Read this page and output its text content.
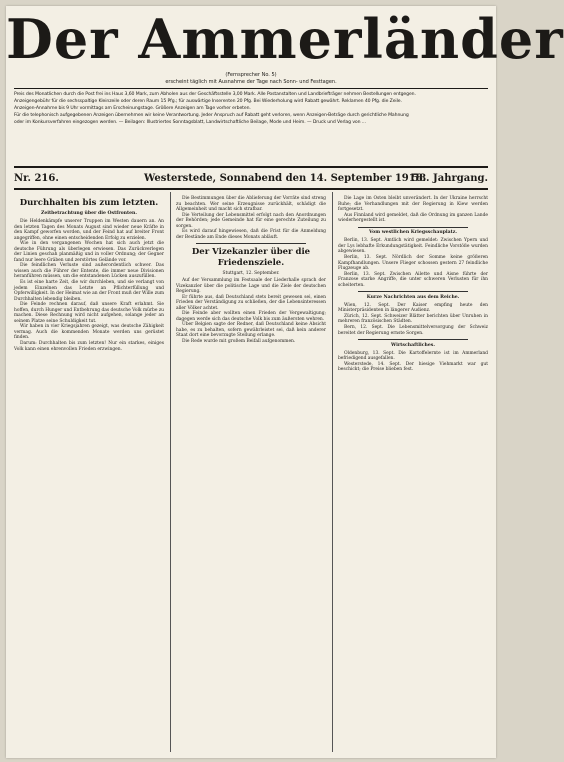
Der Ammerländer
(Fernsprecher No. 5)
erscheint täglich mit Ausnahme der Tage nach Sonn- und Festtagen.
Preis des Monatlichen durch die Post frei ins Haus 3,60 Mark, zum Abholen aus der Geschäftsstelle 3,00 Mark. Alle Postanstalten und Landbriefträger nehmen Bestellungen entgegen.
Anzeigengebühr für die sechsspaltige Kleinzeile oder deren Raum 15 Pfg.; für auswärtige Inserenten 20 Pfg. Bei Wiederholung wird Rabatt gewährt. Reklamen 40 Pfg. die Zeile.
Anzeigen-Annahme bis 9 Uhr vormittags am Erscheinungstage. Größere Anzeigen am Tage vorher erbeten.
Für die telephonisch aufgegebenen Anzeigen übernehmen wir keine Verantwortung. Jeder Anspruch auf Rabatt geht verloren, wenn Anzeigen-Beträge durch gerichtliche Mahnung
oder im Konkursverfahren eingezogen werden. — Beilagen: Illustriertes Sonntagsblatt, Landwirtschaftliche Beilage, Mode und Heim. — Druck und Verlag von ...
Nr. 216.	Westerstede, Sonnabend den 14. September 1918.
58. Jahrgang.
Durchhalten bis zum letzten.
Zeitbetrachtung über die Ostfronten.

Die Heldenkämpfe unserer Truppen im Westen dauern an. An den letzten Tagen des Monats August sind wieder neue Kräfte in den Kampf geworfen worden, und der Feind hat auf breiter Front angegriffen, ohne einen entscheidenden Erfolg zu erzielen.

Wie in den vergangenen Wochen hat sich auch jetzt die deutsche Führung als überlegen erwiesen. Das Zurückverlegen der Linien geschah planmäßig und in voller Ordnung; der Gegner fand nur leere Gräben und zerstörtes Gelände vor.

Die feindlichen Verluste sind außerordentlich schwer. Das wissen auch die Führer der Entente, die immer neue Divisionen heranführen müssen, um die entstandenen Lücken auszufüllen.

Es ist eine harte Zeit, die wir durchleben, und sie verlangt von jedem Einzelnen das Letzte an Pflichterfüllung und Opferwilligkeit. In der Heimat wie an der Front muß der Wille zum Durchhalten lebendig bleiben.

Die Feinde rechnen darauf, daß unsere Kraft erlahmt. Sie hoffen, durch Hunger und Entbehrung das deutsche Volk mürbe zu machen. Diese Rechnung wird nicht aufgehen, solange jeder an seinem Platze seine Schuldigkeit tut.

Wir haben in vier Kriegsjahren gezeigt, was deutsche Zähigkeit vermag. Auch die kommenden Monate werden uns gerüstet finden.

Darum: Durchhalten bis zum letzten! Nur ein starkes, einiges Volk kann einen ehrenvollen Frieden erzwingen.

Die Bestimmungen über die Ablieferung der Vorräte sind streng zu beachten. Wer seine Erzeugnisse zurückhält, schädigt die Allgemeinheit und macht sich strafbar.

Die Verteilung der Lebensmittel erfolgt nach den Anordnungen der Behörden; jede Gemeinde hat für eine gerechte Zuteilung zu sorgen.

Es wird darauf hingewiesen, daß die Frist für die Anmeldung der Bestände am Ende dieses Monats abläuft.

Der Vizekanzler über die Friedensziele.
Stuttgart, 12. September.

Auf der Versammlung im Festsaale der Liederhalle sprach der Vizekanzler über die politische Lage und die Ziele der deutschen Regierung.

Er führte aus, daß Deutschland stets bereit gewesen sei, einen Frieden der Verständigung zu schließen, der die Lebensinteressen aller Völker achtet.

Die Feinde aber wollten einen Frieden der Vergewaltigung; dagegen werde sich das deutsche Volk bis zum äußersten wehren.

Über Belgien sagte der Redner, daß Deutschland keine Absicht habe, es zu behalten, sofern gewährleistet sei, daß kein anderer Staat dort eine bevorzugte Stellung erlange.

Die Rede wurde mit großem Beifall aufgenommen.

Die Lage im Osten bleibt unverändert. In der Ukraine herrscht Ruhe; die Verhandlungen mit der Regierung in Kiew werden fortgesetzt.

Aus Finnland wird gemeldet, daß die Ordnung im ganzen Lande wiederhergestellt ist.

Vom westlichen Kriegsschauplatz.

Berlin, 13. Sept. Amtlich wird gemeldet: Zwischen Ypern und der Lys lebhafte Erkundungstätigkeit. Feindliche Vorstöße wurden abgewiesen.

Berlin, 13. Sept. Nördlich der Somme keine größeren Kampfhandlungen. Unsere Flieger schossen gestern 27 feindliche Flugzeuge ab.

Berlin, 13. Sept. Zwischen Ailette und Aisne führte der Franzose starke Angriffe, die unter schweren Verlusten für ihn scheiterten.

Kurze Nachrichten aus dem Reiche.

Wien, 12. Sept. Der Kaiser empfing heute den Ministerpräsidenten in längerer Audienz.

Zürich, 12. Sept. Schweizer Blätter berichten über Unruhen in mehreren französischen Städten.

Bern, 12. Sept. Die Lebensmittelversorgung der Schweiz bereitet der Regierung ernste Sorgen.

Wirtschaftliches.

Oldenburg, 13. Sept. Die Kartoffelernte ist im Ammerland befriedigend ausgefallen.

Westerstede, 14. Sept. Der hiesige Viehmarkt war gut beschickt; die Preise blieben fest.
